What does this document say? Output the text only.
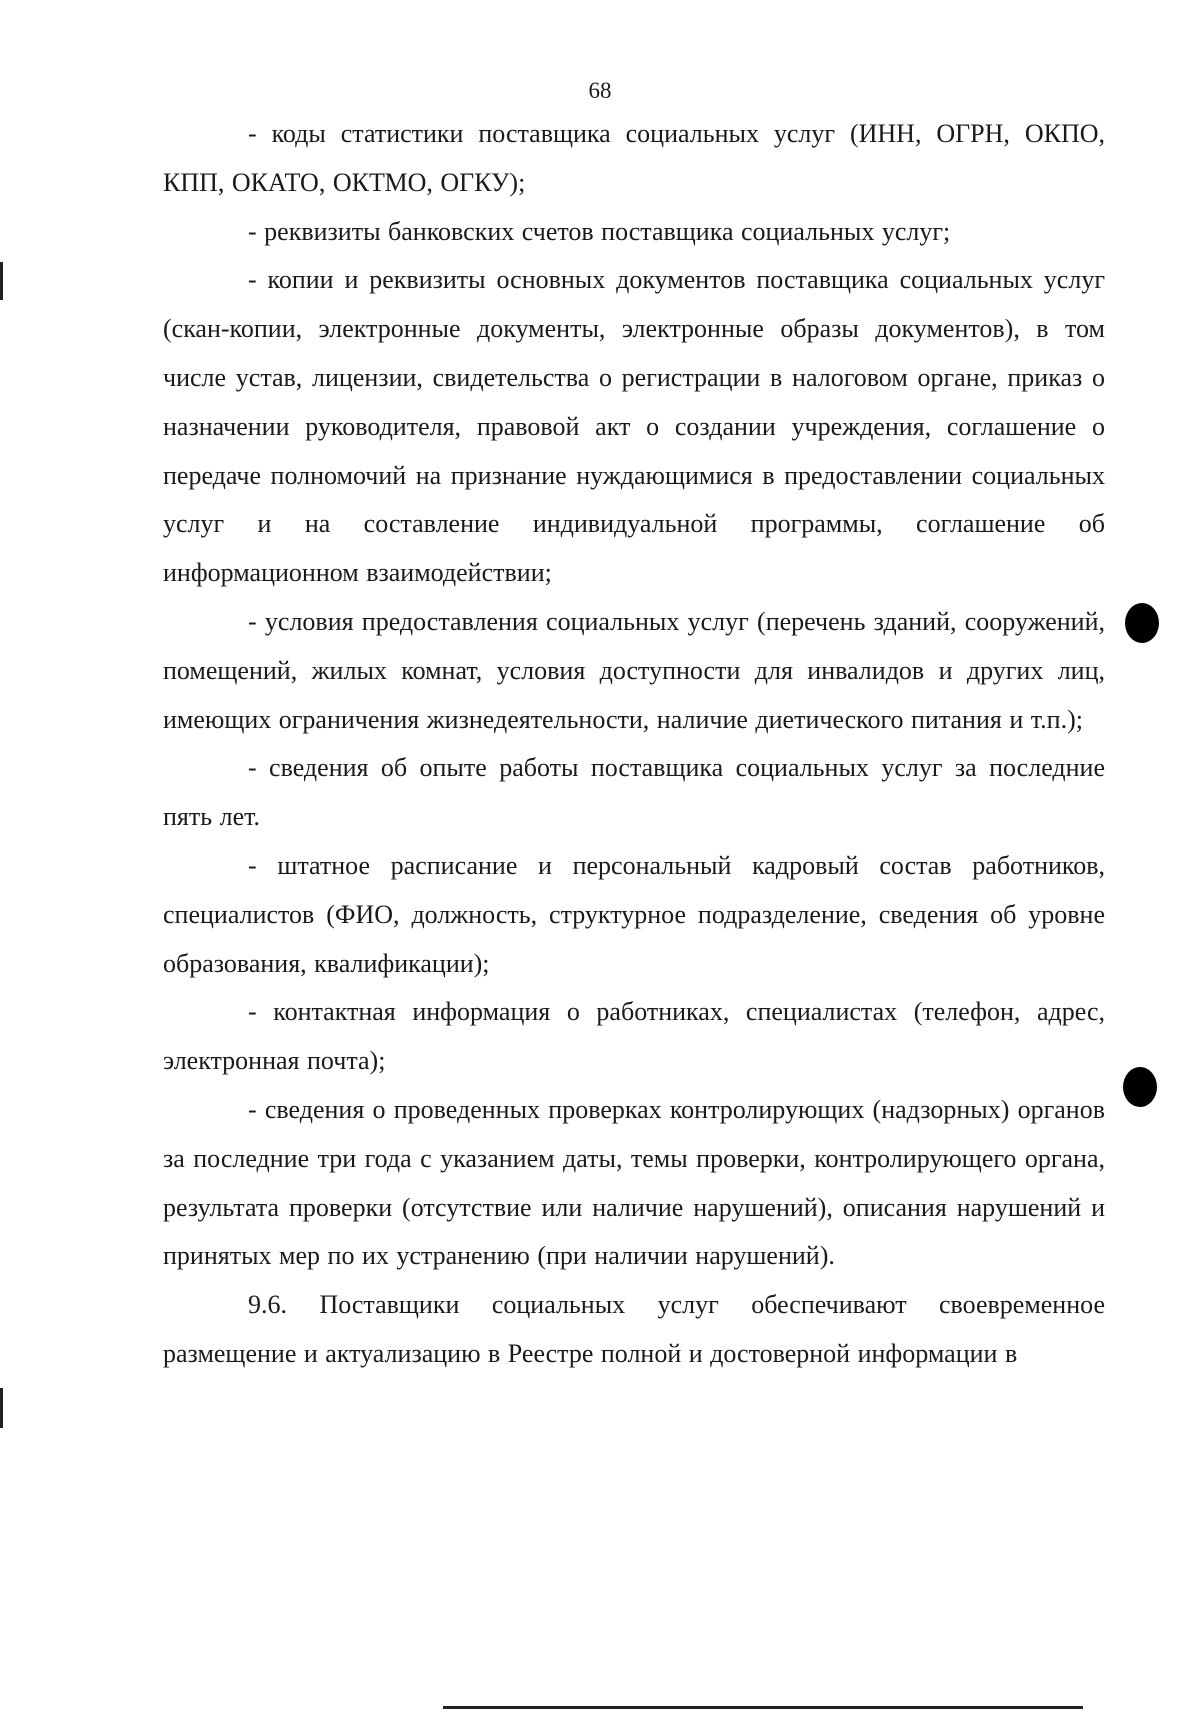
68

- коды статистики поставщика социальных услуг (ИНН, ОГРН, ОКПО, КПП, ОКАТО, ОКТМО, ОГКУ);

- реквизиты банковских счетов поставщика социальных услуг;

- копии и реквизиты основных документов поставщика социальных услуг (скан-копии, электронные документы, электронные образы документов), в том числе устав, лицензии, свидетельства о регистрации в налоговом органе, приказ о назначении руководителя, правовой акт о создании учреждения, соглашение о передаче полномочий на признание нуждающимися в предоставлении социальных услуг и на составление индивидуальной программы, соглашение об информационном взаимодействии;

- условия предоставления социальных услуг (перечень зданий, сооружений, помещений, жилых комнат, условия доступности для инвалидов и других лиц, имеющих ограничения жизнедеятельности, наличие диетического питания и т.п.);

- сведения об опыте работы поставщика социальных услуг за последние пять лет.

- штатное расписание и персональный кадровый состав работников, специалистов (ФИО, должность, структурное подразделение, сведения об уровне образования, квалификации);

- контактная информация о работниках, специалистах (телефон, адрес, электронная почта);

- сведения о проведенных проверках контролирующих (надзорных) органов за последние три года с указанием даты, темы проверки, контролирующего органа, результата проверки (отсутствие или наличие нарушений), описания нарушений и принятых мер по их устранению (при наличии нарушений).

9.6. Поставщики социальных услуг обеспечивают своевременное размещение и актуализацию в Реестре полной и достоверной информации в
